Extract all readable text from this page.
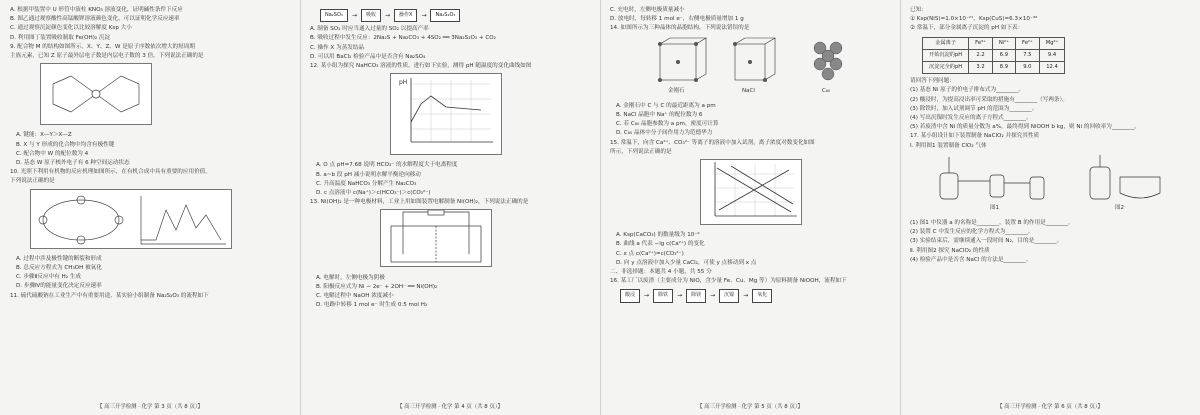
A. 根据甲装置中 U 形管中液柱 KNO₃ 溶液变化，证明碱性条件下反应
B. 图乙通过观察酸性高锰酸钾溶液颜色变化，可以证明化学反应速率
C. 通过观察沉淀颜色变化以比较溶解度 Ksp 大小
D. 利用图丁装置吸收制取 Fe(OH)₂ 沉淀
9. 配合物 M 的结构如图所示，X、Y、Z、W 是原子序数依次增大的短周期
主族元素，已知 Z 原子最外层电子数是内层电子数的 3 倍，下列说法正确的是
A. 键能：X—Y＞X—Z
B. X 与 Y 形成的化合物中均含有极性键
C. 配合物中 W 的配位数为 4
D. 基态 W 原子核外电子有 6 种空间运动状态
10. 光照下利用有机物的反应机理如图所示，在有机合成中具有重要的应用价值。
下列说法正确的是
A. 过程中涉及极性键的断裂和形成
B. 总反应方程式为 CH₃OH 被氧化
C. 步骤Ⅱ反应中有 H₂ 生成
D. 步骤Ⅳ的能量变化决定反应速率
11. 硫代硫酸钠在工业生产中有重要用途，某实验小组制备 Na₂S₂O₃ 的流程如下
【 高三开学检测 · 化学 第 3 页（共 8 页）】
Na₂SO₃	→	吸收	→	操作X	→	Na₂S₂O₃
A. 制备 SO₂ 时应当通入过量的 SO₂ 以提高产率
B. 吸收过程中发生反应：2Na₂S + Na₂CO₃ + 4SO₂ ══ 3Na₂S₂O₃ + CO₂
C. 操作 X 为蒸发结晶
D. 可以用 BaCl₂ 检验产品中是否含有 Na₂SO₄
12. 某小组为探究 NaHCO₃ 溶液的性质，进行如下实验，测得 pH 随温度的变化曲线如图
pH
A. O 点 pH=7.68 说明 HCO₃⁻ 的水解程度大于电离程度
B. a~b 段 pH 减小说明水解平衡逆向移动
C. 升高温度 NaHCO₃ 分解产生 Na₂CO₃
D. c 点溶液中 c(Na⁺)＞c(HCO₃⁻)＞c(CO₃²⁻)
13. Ni(OH)₂ 是一种电极材料，工业上用如图装置电解制备 Ni(OH)₂，下列说法正确的是
A. 电解时，左侧电极为阴极
B. 阳极反应式为 Ni − 2e⁻ + 2OH⁻ ══ Ni(OH)₂
C. 电解过程中 NaOH 浓度减小
D. 电路中转移 1 mol e⁻ 时生成 0.5 mol H₂
【 高三开学检测 · 化学 第 4 页（共 8 页）】
C. 充电时，左侧电极质量减小
D. 放电时，每转移 1 mol e⁻，右侧电极质量增加 1 g
14. 如图所示为三种晶体的晶胞结构，下列说法错误的是
金刚石	NaCl	C₆₀
A. 金刚石中 C 与 C 的最近距离为 a pm
B. NaCl 晶胞中 Na⁺ 的配位数为 6
C. 若 C₆₀ 晶胞参数为 a pm，密度可计算
D. C₆₀ 晶体中分子间作用力为范德华力
15. 常温下，向含 Ca²⁺、CO₃²⁻ 等离子的溶液中加入试剂，离子浓度对数变化如图
所示，下列说法正确的是
A. Ksp(CaCO₃) 的数量级为 10⁻⁹
B. 曲线 a 代表 −lg c(Ca²⁺) 的变化
C. x 点 c(Ca²⁺)=c(CO₃²⁻)
D. 向 y 点溶液中加入少量 CaCl₂，可使 y 点移动到 x 点
二、非选择题：本题共 4 小题，共 55 分
16. 某工厂以废渣（主要成分为 NiO，含少量 Fe、Cu、Mg 等）为原料制备 NiOOH，流程如下
酸浸	→	除铁	→	除镁	→	沉镍	→	氧化
【 高三开学检测 · 化学 第 5 页（共 8 页）】
已知：
① Ksp(NiS)=1.0×10⁻²¹，Ksp(CuS)=6.3×10⁻³⁶
② 常温下，部分金属离子沉淀的 pH 如下表：
金属离子	Fe³⁺	Ni²⁺	Fe²⁺	Mg²⁺
开始沉淀的pH	2.2	6.9	7.5	9.4
沉淀完全的pH	3.2	8.9	9.0	12.4
请回答下列问题：
(1) 基态 Ni 原子的价电子排布式为________。
(2) 酸浸时，为提高浸出率可采取的措施有________（写两条）。
(3) 除铁时，加入试剂调节 pH 的范围为________。
(4) 写出沉镍时发生反应的离子方程式________。
(5) 若废渣中含 Ni 的质量分数为 a%，最终得到 NiOOH b kg，则 Ni 的回收率为________。
17. 某小组设计如下装置制备 NaClO₂ 并探究其性质
Ⅰ. 利用图1 装置制备 ClO₂ 气体
图1	图2
(1) 图1 中仪器 a 的名称是________，装置 B 的作用是________。
(2) 装置 C 中发生反应的化学方程式为________。
(3) 实验结束后，需继续通入一段时间 N₂，目的是________。
Ⅱ. 利用图2 探究 NaClO₂ 的性质
(4) 检验产品中是否含 NaCl 的方法是________。
【 高三开学检测 · 化学 第 6 页（共 8 页）】
